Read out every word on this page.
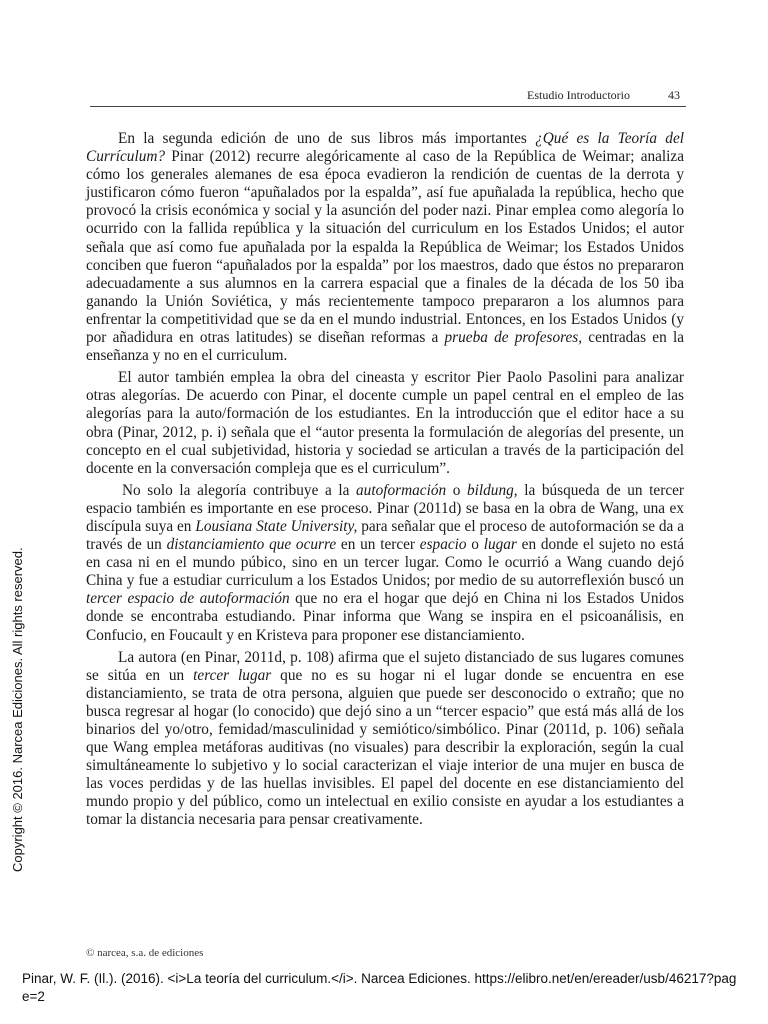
Estudio Introductorio	43

En la segunda edición de uno de sus libros más importantes ¿Qué es la Teoría del Currículum? Pinar (2012) recurre alegóricamente al caso de la República de Weimar; analiza cómo los generales alemanes de esa época evadieron la rendición de cuentas de la derrota y justificaron cómo fueron “apuñalados por la espalda”, así fue apuñalada la república, hecho que provocó la crisis económica y social y la asunción del poder nazi. Pinar emplea como alegoría lo ocurrido con la fallida república y la situación del curriculum en los Estados Unidos; el autor señala que así como fue apuñalada por la espalda la República de Weimar; los Estados Unidos conciben que fueron “apuñalados por la espalda” por los maestros, dado que éstos no prepararon adecuadamente a sus alumnos en la carrera espacial que a finales de la década de los 50 iba ganando la Unión Soviética, y más recientemente tampoco prepararon a los alumnos para enfrentar la competitividad que se da en el mundo industrial. Entonces, en los Estados Unidos (y por añadidura en otras latitudes) se diseñan reformas a prueba de profesores, centradas en la enseñanza y no en el curriculum.

El autor también emplea la obra del cineasta y escritor Pier Paolo Pasolini para analizar otras alegorías. De acuerdo con Pinar, el docente cumple un papel central en el empleo de las alegorías para la auto/formación de los estudiantes. En la introducción que el editor hace a su obra (Pinar, 2012, p. i) señala que el “autor presenta la formulación de alegorías del presente, un concepto en el cual subjetividad, historia y sociedad se articulan a través de la participación del docente en la conversación compleja que es el curriculum”.

No solo la alegoría contribuye a la autoformación o bildung, la búsqueda de un tercer espacio también es importante en ese proceso. Pinar (2011d) se basa en la obra de Wang, una ex discípula suya en Lousiana State University, para señalar que el proceso de autoformación se da a través de un distanciamiento que ocurre en un tercer espacio o lugar en donde el sujeto no está en casa ni en el mundo púbico, sino en un tercer lugar. Como le ocurrió a Wang cuando dejó China y fue a estudiar curriculum a los Estados Unidos; por medio de su autorreflexión buscó un tercer espacio de autoformación que no era el hogar que dejó en China ni los Estados Unidos donde se encontraba estudiando. Pinar informa que Wang se inspira en el psicoanálisis, en Confucio, en Foucault y en Kristeva para proponer ese distanciamiento.

La autora (en Pinar, 2011d, p. 108) afirma que el sujeto distanciado de sus lugares comunes se sitúa en un tercer lugar que no es su hogar ni el lugar donde se encuentra en ese distanciamiento, se trata de otra persona, alguien que puede ser desconocido o extraño; que no busca regresar al hogar (lo conocido) que dejó sino a un “tercer espacio” que está más allá de los binarios del yo/otro, femidad/masculinidad y semiótico/simbólico. Pinar (2011d, p. 106) señala que Wang emplea metáforas auditivas (no visuales) para describir la exploración, según la cual simultáneamente lo subjetivo y lo social caracterizan el viaje interior de una mujer en busca de las voces perdidas y de las huellas invisibles. El papel del docente en ese distanciamiento del mundo propio y del público, como un intelectual en exilio consiste en ayudar a los estudiantes a tomar la distancia necesaria para pensar creativamente.

© narcea, s.a. de ediciones
Copyright © 2016. Narcea Ediciones. All rights reserved.
Pinar, W. F. (Il.). (2016). <i>La teoría del curriculum.</i>. Narcea Ediciones. https://elibro.net/en/ereader/usb/46217?page=2
